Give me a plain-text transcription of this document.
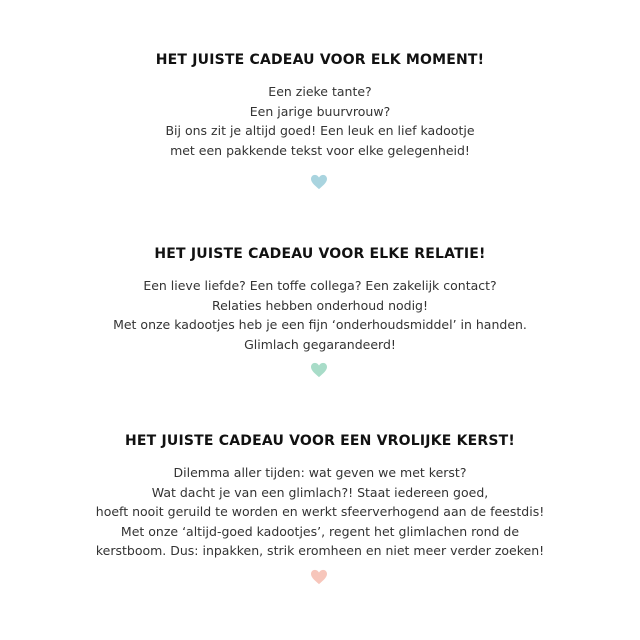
HET JUISTE CADEAU VOOR ELK MOMENT!
Een zieke tante?
Een jarige buurvrouw?
Bij ons zit je altijd goed! Een leuk en lief kadootje
met een pakkende tekst voor elke gelegenheid!
HET JUISTE CADEAU VOOR ELKE RELATIE!
Een lieve liefde? Een toffe collega? Een zakelijk contact?
Relaties hebben onderhoud nodig!
Met onze kadootjes heb je een fijn ‘onderhoudsmiddel’ in handen.
Glimlach gegarandeerd!
HET JUISTE CADEAU VOOR EEN VROLIJKE KERST!
Dilemma aller tijden: wat geven we met kerst?
Wat dacht je van een glimlach?! Staat iedereen goed,
hoeft nooit geruild te worden en werkt sfeerverhogend aan de feestdis!
Met onze ‘altijd-goed kadootjes’, regent het glimlachen rond de
kerstboom. Dus: inpakken, strik eromheen en niet meer verder zoeken!
